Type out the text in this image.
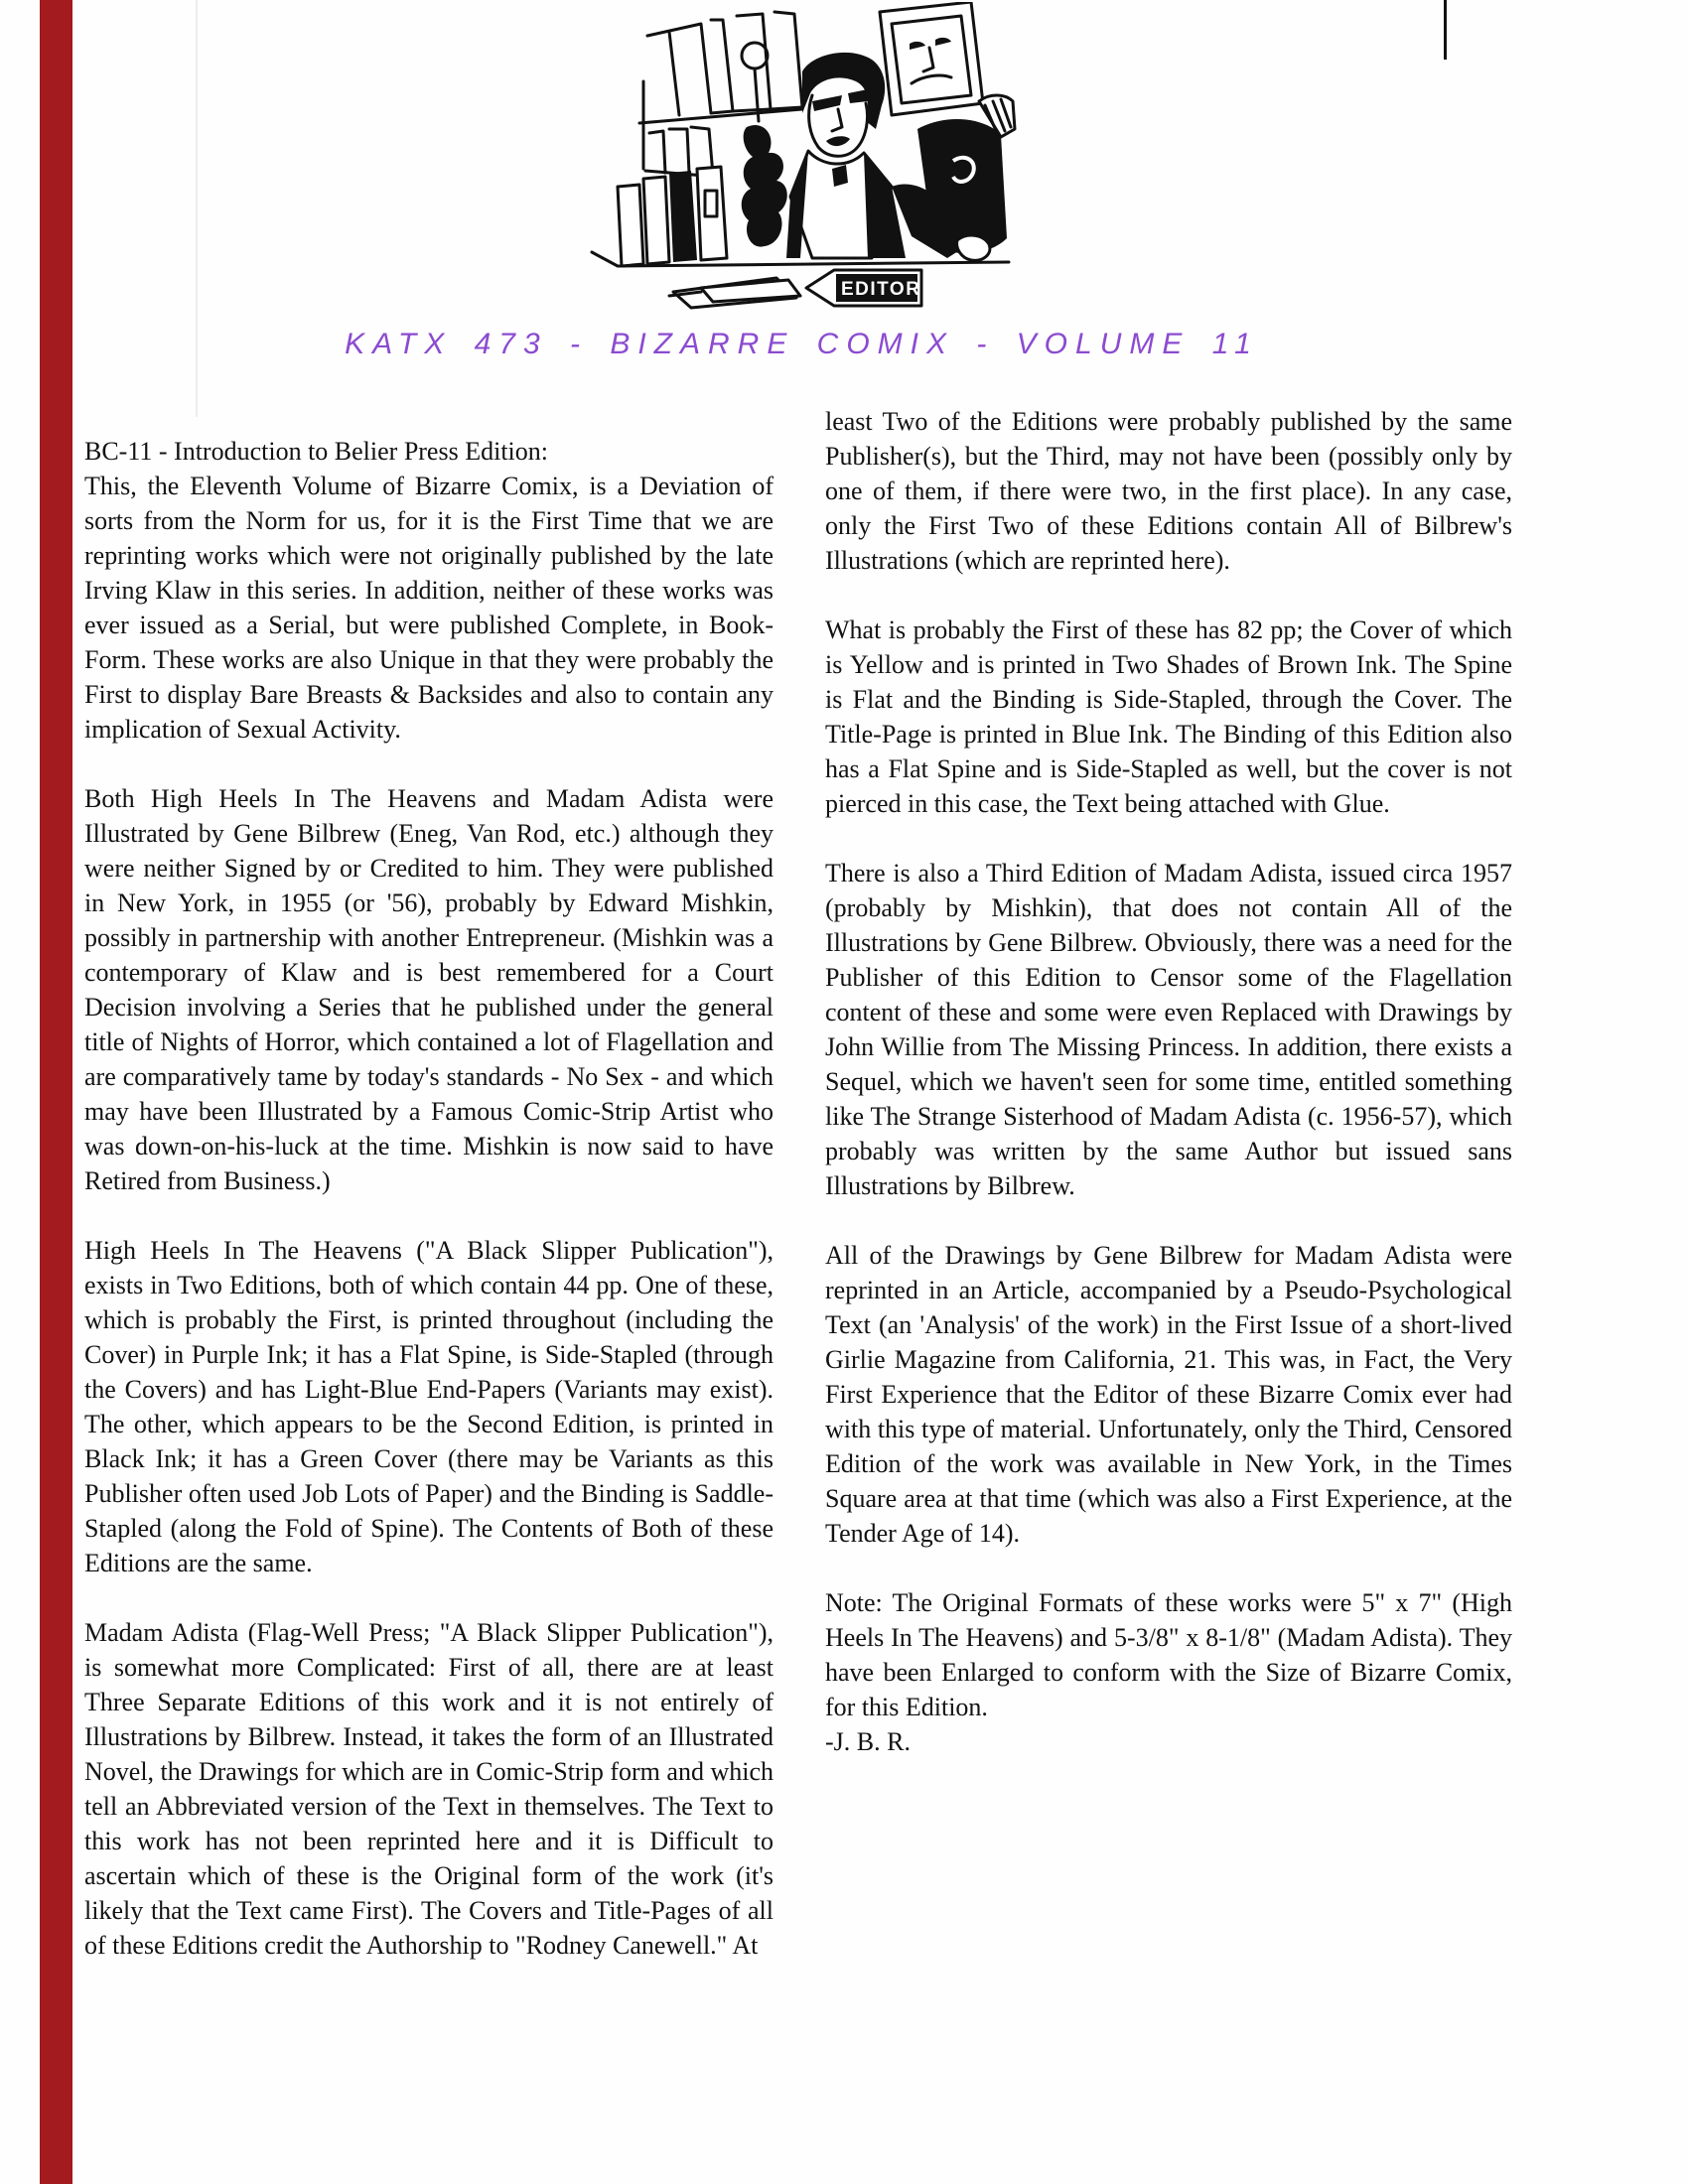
EDITOR
KATX 473 - BIZARRE COMIX - VOLUME 11

BC-11 - Introduction to Belier Press Edition:

This, the Eleventh Volume of Bizarre Comix, is a Deviation of sorts from the Norm for us, for it is the First Time that we are reprinting works which were not originally published by the late Irving Klaw in this series. In addition, neither of these works was ever issued as a Serial, but were published Complete, in Book-Form. These works are also Unique in that they were probably the First to display Bare Breasts & Backsides and also to contain any implication of Sexual Activity.

Both High Heels In The Heavens and Madam Adista were Illustrated by Gene Bilbrew (Eneg, Van Rod, etc.) although they were neither Signed by or Credited to him. They were published in New York, in 1955 (or '56), probably by Edward Mishkin, possibly in partnership with another Entrepreneur. (Mishkin was a contemporary of Klaw and is best remembered for a Court Decision involving a Series that he published under the general title of Nights of Horror, which contained a lot of Flagellation and are comparatively tame by today's standards - No Sex - and which may have been Illustrated by a Famous Comic-Strip Artist who was down-on-his-luck at the time. Mishkin is now said to have Retired from Business.)

High Heels In The Heavens ("A Black Slipper Publication"), exists in Two Editions, both of which contain 44 pp. One of these, which is probably the First, is printed throughout (including the Cover) in Purple Ink; it has a Flat Spine, is Side-Stapled (through the Covers) and has Light-Blue End-Papers (Variants may exist). The other, which appears to be the Second Edition, is printed in Black Ink; it has a Green Cover (there may be Variants as this Publisher often used Job Lots of Paper) and the Binding is Saddle-Stapled (along the Fold of Spine). The Contents of Both of these Editions are the same.

Madam Adista (Flag-Well Press; "A Black Slipper Publication"), is somewhat more Complicated: First of all, there are at least Three Separate Editions of this work and it is not entirely of Illustrations by Bilbrew. Instead, it takes the form of an Illustrated Novel, the Drawings for which are in Comic-Strip form and which tell an Abbreviated version of the Text in themselves. The Text to this work has not been reprinted here and it is Difficult to ascertain which of these is the Original form of the work (it's likely that the Text came First). The Covers and Title-Pages of all of these Editions credit the Authorship to "Rodney Canewell." At

least Two of the Editions were probably published by the same Publisher(s), but the Third, may not have been (possibly only by one of them, if there were two, in the first place). In any case, only the First Two of these Editions contain All of Bilbrew's Illustrations (which are reprinted here).

What is probably the First of these has 82 pp; the Cover of which is Yellow and is printed in Two Shades of Brown Ink. The Spine is Flat and the Binding is Side-Stapled, through the Cover. The Title-Page is printed in Blue Ink. The Binding of this Edition also has a Flat Spine and is Side-Stapled as well, but the cover is not pierced in this case, the Text being attached with Glue.

There is also a Third Edition of Madam Adista, issued circa 1957 (probably by Mishkin), that does not contain All of the Illustrations by Gene Bilbrew. Obviously, there was a need for the Publisher of this Edition to Censor some of the Flagellation content of these and some were even Replaced with Drawings by John Willie from The Missing Princess. In addition, there exists a Sequel, which we haven't seen for some time, entitled something like The Strange Sisterhood of Madam Adista (c. 1956-57), which probably was written by the same Author but issued sans Illustrations by Bilbrew.

All of the Drawings by Gene Bilbrew for Madam Adista were reprinted in an Article, accompanied by a Pseudo-Psychological Text (an 'Analysis' of the work) in the First Issue of a short-lived Girlie Magazine from California, 21. This was, in Fact, the Very First Experience that the Editor of these Bizarre Comix ever had with this type of material. Unfortunately, only the Third, Censored Edition of the work was available in New York, in the Times Square area at that time (which was also a First Experience, at the Tender Age of 14).

Note: The Original Formats of these works were 5" x 7" (High Heels In The Heavens) and 5-3/8" x 8-1/8" (Madam Adista). They have been Enlarged to conform with the Size of Bizarre Comix, for this Edition.

-J. B. R.
